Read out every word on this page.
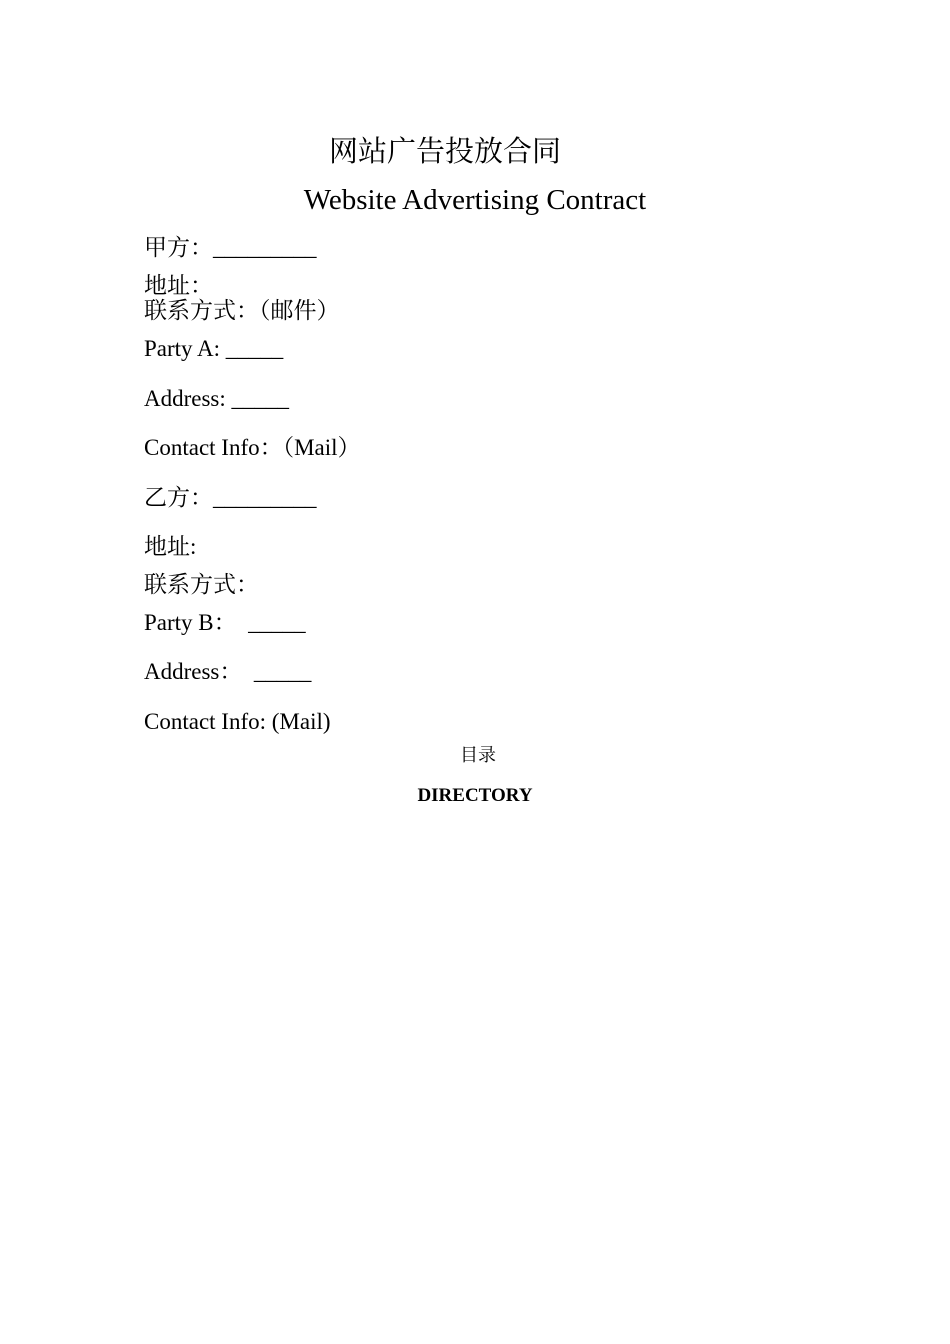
网站广告投放合同
Website Advertising Contract
甲方：_________
地址：
联系方式：（邮件）
Party A: _____
Address: _____
Contact Info：（Mail）
乙方：_________
地址:
联系方式：
Party B：  _____
Address：  _____
Contact Info: (Mail)
目录
DIRECTORY
